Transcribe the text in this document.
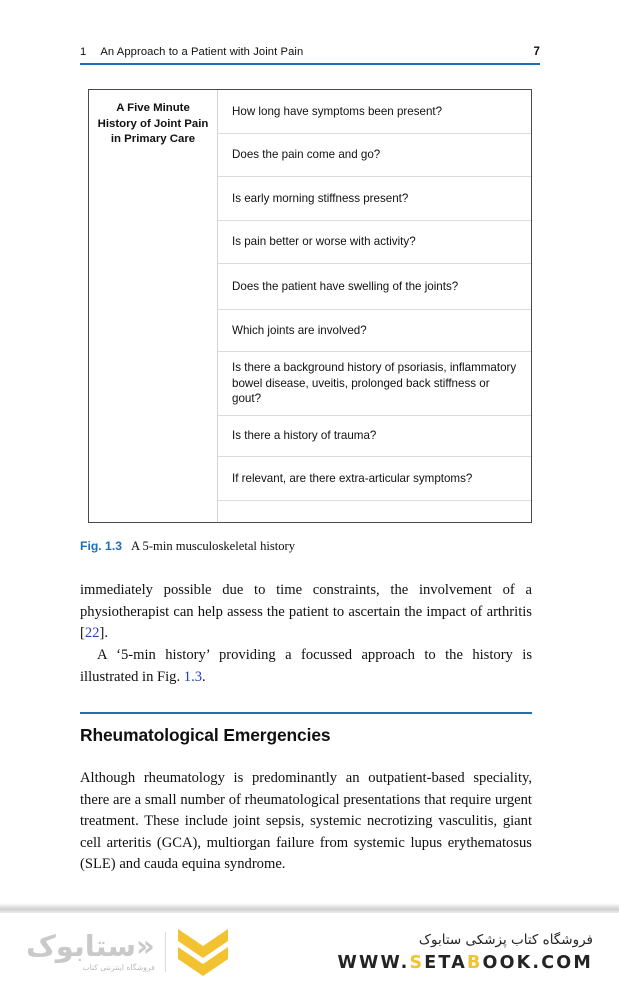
1 An Approach to a Patient with Joint Pain	7
A Five Minute History of Joint Pain in Primary Care
How long have symptoms been present?
Does the pain come and go?
Is early morning stiffness present?
Is pain better or worse with activity?
Does the patient have swelling of the joints?
Which joints are involved?
Is there a background history of psoriasis, inflammatory bowel disease, uveitis, prolonged back stiffness or gout?
Is there a history of trauma?
If relevant, are there extra-articular symptoms?
Fig. 1.3 A 5-min musculoskeletal history
immediately possible due to time constraints, the involvement of a physiotherapist can help assess the patient to ascertain the impact of arthritis [22].
A ‘5-min history’ providing a focussed approach to the history is illustrated in Fig. 1.3.
Rheumatological Emergencies
Although rheumatology is predominantly an outpatient-based speciality, there are a small number of rheumatological presentations that require urgent treatment. These include joint sepsis, systemic necrotizing vasculitis, giant cell arteritis (GCA), multiorgan failure from systemic lupus erythematosus (SLE) and cauda equina syndrome.
«ستابوک
فروشگاه اینترنتی کتاب
فروشگاه کتاب پزشکی ستابوک
WWW.SETABOOK.COM
